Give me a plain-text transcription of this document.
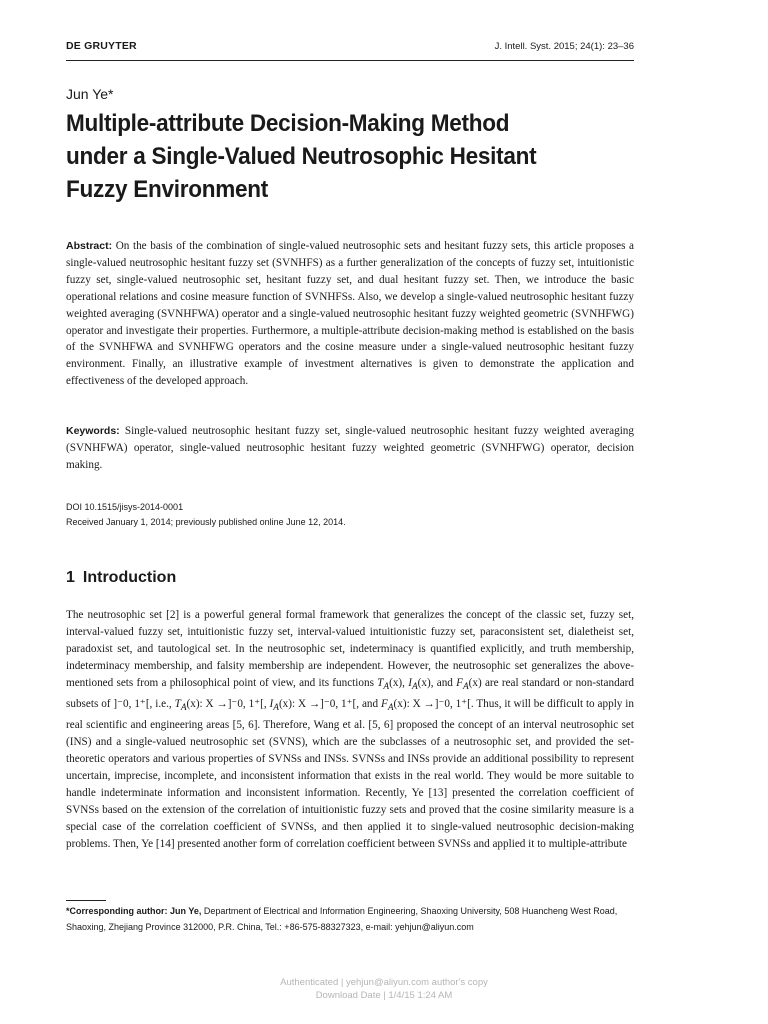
DE GRUYTER	J. Intell. Syst. 2015; 24(1): 23–36
Jun Ye*
Multiple-attribute Decision-Making Method
under a Single-Valued Neutrosophic Hesitant
Fuzzy Environment
Abstract: On the basis of the combination of single-valued neutrosophic sets and hesitant fuzzy sets, this article proposes a single-valued neutrosophic hesitant fuzzy set (SVNHFS) as a further generalization of the concepts of fuzzy set, intuitionistic fuzzy set, single-valued neutrosophic set, hesitant fuzzy set, and dual hesitant fuzzy set. Then, we introduce the basic operational relations and cosine measure function of SVNHFSs. Also, we develop a single-valued neutrosophic hesitant fuzzy weighted averaging (SVNHFWA) operator and a single-valued neutrosophic hesitant fuzzy weighted geometric (SVNHFWG) operator and investigate their properties. Furthermore, a multiple-attribute decision-making method is established on the basis of the SVNHFWA and SVNHFWG operators and the cosine measure under a single-valued neutrosophic hesitant fuzzy environment. Finally, an illustrative example of investment alternatives is given to demonstrate the application and effectiveness of the developed approach.
Keywords: Single-valued neutrosophic hesitant fuzzy set, single-valued neutrosophic hesitant fuzzy weighted averaging (SVNHFWA) operator, single-valued neutrosophic hesitant fuzzy weighted geometric (SVNHFWG) operator, decision making.
DOI 10.1515/jisys-2014-0001
Received January 1, 2014; previously published online June 12, 2014.
1 Introduction
The neutrosophic set [2] is a powerful general formal framework that generalizes the concept of the classic set, fuzzy set, interval-valued fuzzy set, intuitionistic fuzzy set, interval-valued intuitionistic fuzzy set, paraconsistent set, dialetheist set, paradoxist set, and tautological set. In the neutrosophic set, indeterminacy is quantified explicitly, and truth membership, indeterminacy membership, and falsity membership are independent. However, the neutrosophic set generalizes the above-mentioned sets from a philosophical point of view, and its functions $T_A(x)$, $I_A(x)$, and $F_A(x)$ are real standard or non-standard subsets of ]⁻0, 1⁺[, i.e., $T_A(x)$: X →]⁻0, 1⁺[, $I_A(x)$: X →]⁻0, 1⁺[, and $F_A(x)$: X →]⁻0, 1⁺[. Thus, it will be difficult to apply in real scientific and engineering areas [5, 6]. Therefore, Wang et al. [5, 6] proposed the concept of an interval neutrosophic set (INS) and a single-valued neutrosophic set (SVNS), which are the subclasses of a neutrosophic set, and provided the set-theoretic operators and various properties of SVNSs and INSs. SVNSs and INSs provide an additional possibility to represent uncertain, imprecise, incomplete, and inconsistent information that exists in the real world. They would be more suitable to handle indeterminate information and inconsistent information. Recently, Ye [13] presented the correlation coefficient of SVNSs based on the extension of the correlation of intuitionistic fuzzy sets and proved that the cosine similarity measure is a special case of the correlation coefficient of SVNSs, and then applied it to single-valued neutrosophic decision-making problems. Then, Ye [14] presented another form of correlation coefficient between SVNSs and applied it to multiple-attribute
*Corresponding author: Jun Ye, Department of Electrical and Information Engineering, Shaoxing University, 508 Huancheng West Road, Shaoxing, Zhejiang Province 312000, P.R. China, Tel.: +86-575-88327323, e-mail: yehjun@aliyun.com
Authenticated | yehjun@aliyun.com author's copy
Download Date | 1/4/15 1:24 AM
